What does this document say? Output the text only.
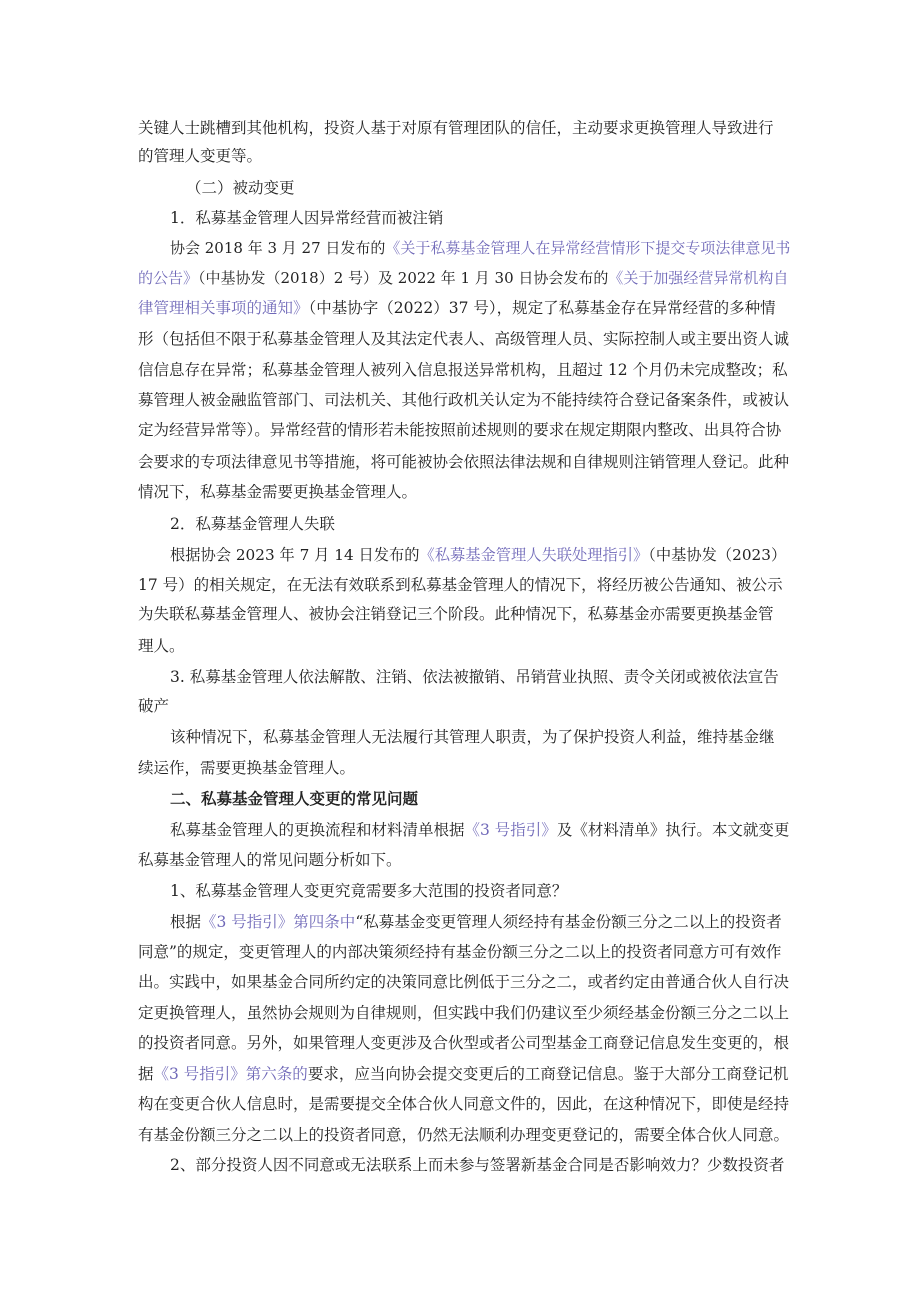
关键人士跳槽到其他机构，投资人基于对原有管理团队的信任，主动要求更换管理人导致进行
的管理人变更等。
（二）被动变更
1．私募基金管理人因异常经营而被注销
协会 2018 年 3 月 27 日发布的《关于私募基金管理人在异常经营情形下提交专项法律意见书
的公告》（中基协发（2018）2 号）及 2022 年 1 月 30 日协会发布的《关于加强经营异常机构自
律管理相关事项的通知》（中基协字（2022）37 号），规定了私募基金存在异常经营的多种情
形（包括但不限于私募基金管理人及其法定代表人、高级管理人员、实际控制人或主要出资人诚
信信息存在异常；私募基金管理人被列入信息报送异常机构，且超过 12 个月仍未完成整改；私
募管理人被金融监管部门、司法机关、其他行政机关认定为不能持续符合登记备案条件，或被认
定为经营异常等）。异常经营的情形若未能按照前述规则的要求在规定期限内整改、出具符合协
会要求的专项法律意见书等措施，将可能被协会依照法律法规和自律规则注销管理人登记。此种
情况下，私募基金需要更换基金管理人。
2．私募基金管理人失联
根据协会 2023 年 7 月 14 日发布的《私募基金管理人失联处理指引》（中基协发（2023）
17 号）的相关规定，在无法有效联系到私募基金管理人的情况下，将经历被公告通知、被公示
为失联私募基金管理人、被协会注销登记三个阶段。此种情况下，私募基金亦需要更换基金管
理人。
3. 私募基金管理人依法解散、注销、依法被撤销、吊销营业执照、责令关闭或被依法宣告
破产
该种情况下，私募基金管理人无法履行其管理人职责，为了保护投资人利益，维持基金继
续运作，需要更换基金管理人。
二、私募基金管理人变更的常见问题
私募基金管理人的更换流程和材料清单根据《3 号指引》及《材料清单》执行。本文就变更
私募基金管理人的常见问题分析如下。
1、私募基金管理人变更究竟需要多大范围的投资者同意？
根据《3 号指引》第四条中“私募基金变更管理人须经持有基金份额三分之二以上的投资者
同意”的规定，变更管理人的内部决策须经持有基金份额三分之二以上的投资者同意方可有效作
出。实践中，如果基金合同所约定的决策同意比例低于三分之二，或者约定由普通合伙人自行决
定更换管理人，虽然协会规则为自律规则，但实践中我们仍建议至少须经基金份额三分之二以上
的投资者同意。另外，如果管理人变更涉及合伙型或者公司型基金工商登记信息发生变更的，根
据《3 号指引》第六条的要求，应当向协会提交变更后的工商登记信息。鉴于大部分工商登记机
构在变更合伙人信息时，是需要提交全体合伙人同意文件的，因此，在这种情况下，即使是经持
有基金份额三分之二以上的投资者同意，仍然无法顺利办理变更登记的，需要全体合伙人同意。
2、部分投资人因不同意或无法联系上而未参与签署新基金合同是否影响效力？少数投资者
